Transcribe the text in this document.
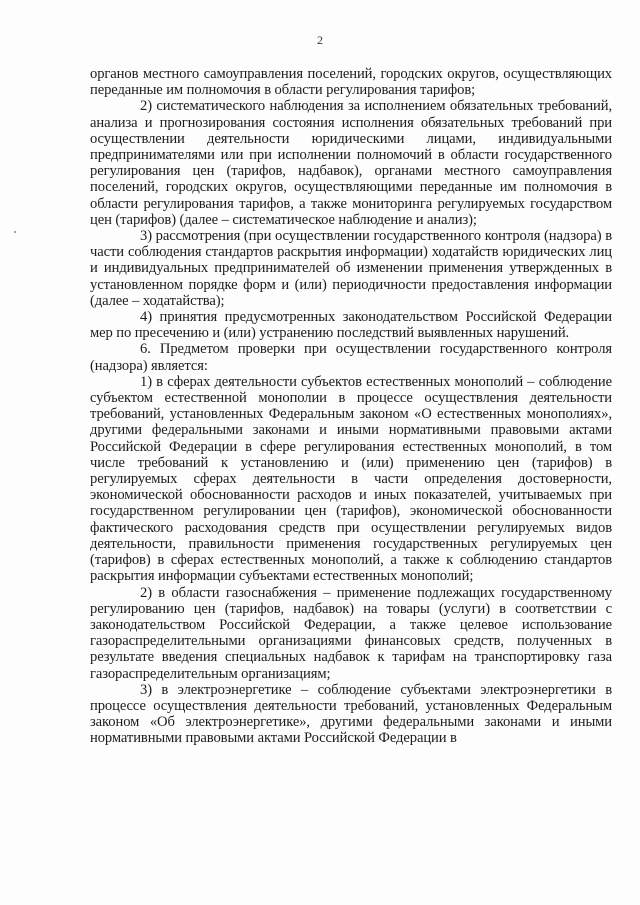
2

органов местного самоуправления поселений, городских округов, осуществляющих переданные им полномочия в области регулирования тарифов;

2) систематического наблюдения за исполнением обязательных требований, анализа и прогнозирования состояния исполнения обязательных требований при осуществлении деятельности юридическими лицами, индивидуальными предпринимателями или при исполнении полномочий в области государственного регулирования цен (тарифов, надбавок), органами местного самоуправления поселений, городских округов, осуществляющими переданные им полномочия в области регулирования тарифов, а также мониторинга регулируемых государством цен (тарифов) (далее – систематическое наблюдение и анализ);

3) рассмотрения (при осуществлении государственного контроля (надзора) в части соблюдения стандартов раскрытия информации) ходатайств юридических лиц и индивидуальных предпринимателей об изменении применения утвержденных в установленном порядке форм и (или) периодичности предоставления информации (далее – ходатайства);

4) принятия предусмотренных законодательством Российской Федерации мер по пресечению и (или) устранению последствий выявленных нарушений.

6. Предметом проверки при осуществлении государственного контроля (надзора) является:

1) в сферах деятельности субъектов естественных монополий – соблюдение субъектом естественной монополии в процессе осуществления деятельности требований, установленных Федеральным законом «О естественных монополиях», другими федеральными законами и иными нормативными правовыми актами Российской Федерации в сфере регулирования естественных монополий, в том числе требований к установлению и (или) применению цен (тарифов) в регулируемых сферах деятельности в части определения достоверности, экономической обоснованности расходов и иных показателей, учитываемых при государственном регулировании цен (тарифов), экономической обоснованности фактического расходования средств при осуществлении регулируемых видов деятельности, правильности применения государственных регулируемых цен (тарифов) в сферах естественных монополий, а также к соблюдению стандартов раскрытия информации субъектами естественных монополий;

2) в области газоснабжения – применение подлежащих государственному регулированию цен (тарифов, надбавок) на товары (услуги) в соответствии с законодательством Российской Федерации, а также целевое использование газораспределительными организациями финансовых средств, полученных в результате введения специальных надбавок к тарифам на транспортировку газа газораспределительным организациям;

3) в электроэнергетике – соблюдение субъектами электроэнергетики в процессе осуществления деятельности требований, установленных Федеральным законом «Об электроэнергетике», другими федеральными законами и иными нормативными правовыми актами Российской Федерации в
